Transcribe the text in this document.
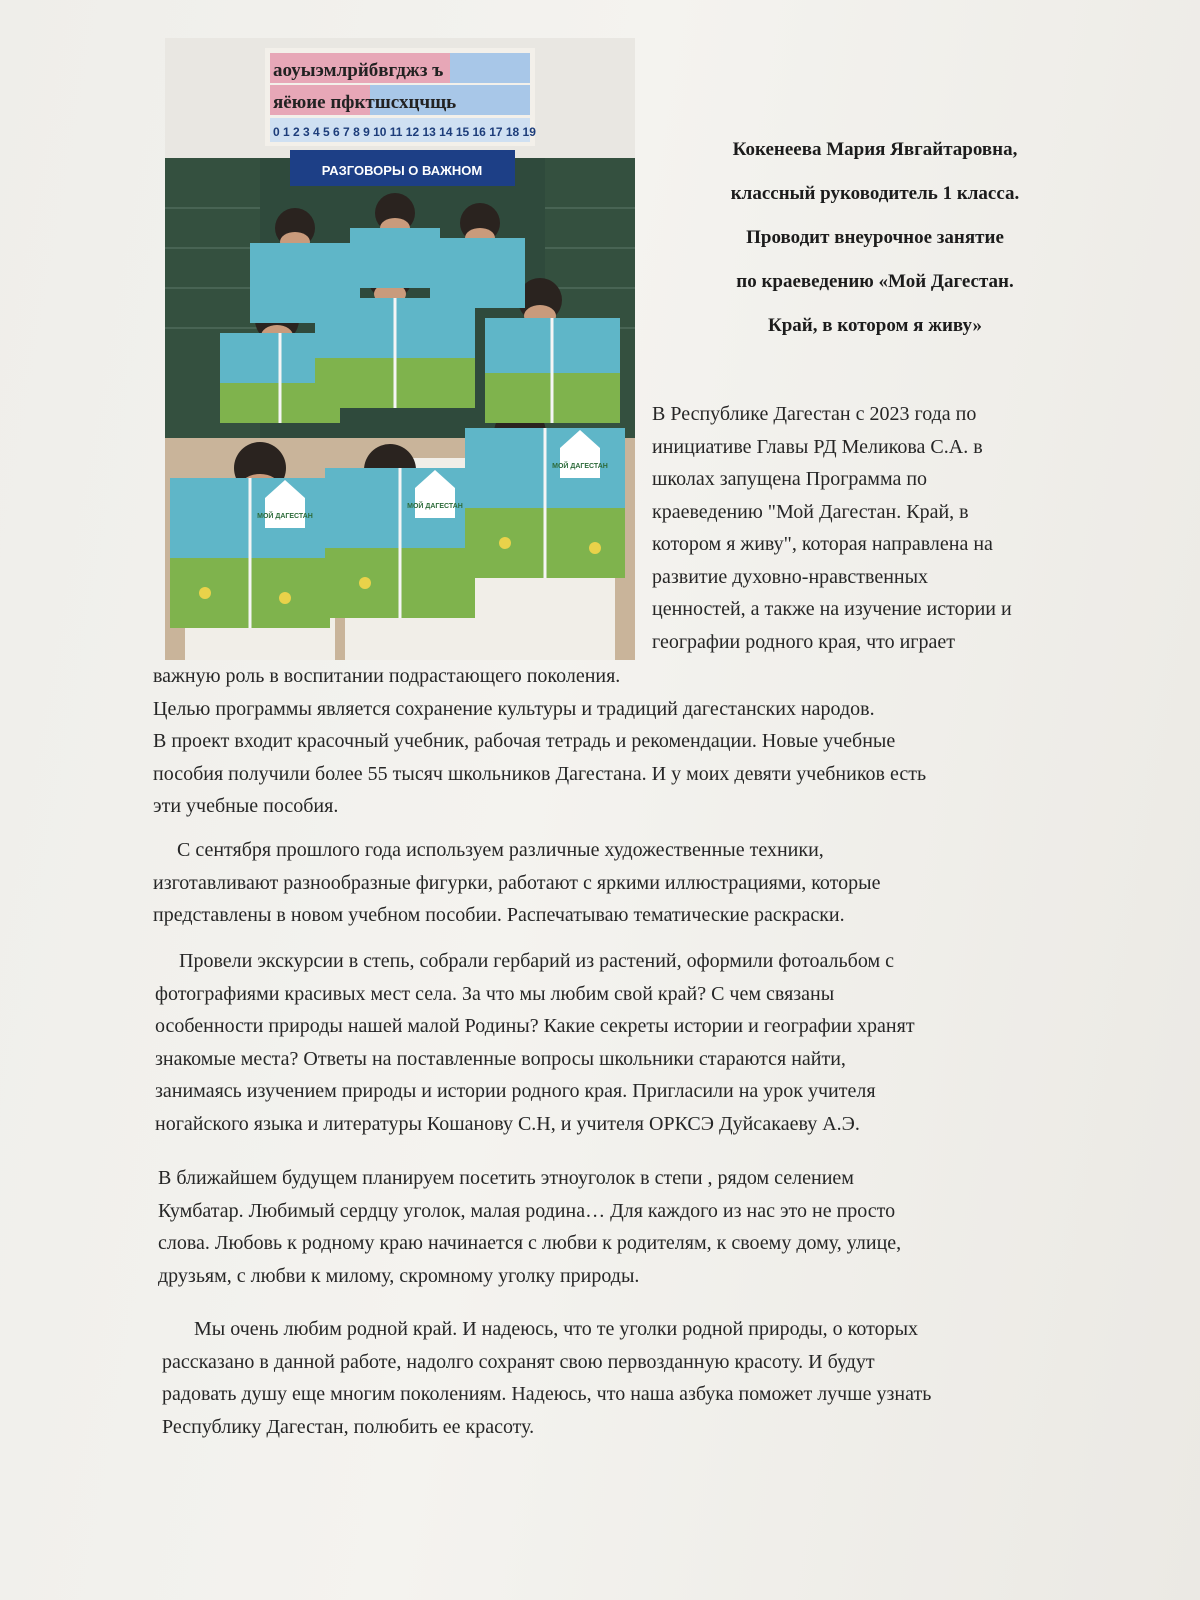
аоуыэмлрйбвгджз ъ
яёюие пфктшсхцчщь
0 1 2 3 4 5 6 7 8 9 10 11 12 13 14 15 16 17 18 19
РАЗГОВОРЫ О ВАЖНОМ
МОЙ ДАГЕСТАН
МОЙ ДАГЕСТАН
МОЙ ДАГЕСТАН
Кокенеева Мария Явгайтаровна,
классный руководитель 1 класса.
Проводит внеурочное занятие
по краеведению «Мой Дагестан.
Край, в котором я живу»

В Республике Дагестан с 2023 года по
инициативе Главы РД Меликова С.А. в
школах запущена Программа по
краеведению "Мой Дагестан. Край, в
котором я живу", которая направлена на
развитие духовно-нравственных
ценностей, а также на изучение истории и
географии родного края, что играет

важную роль в воспитании подрастающего поколения.
Целью программы является сохранение культуры и традиций дагестанских народов.
В проект входит красочный учебник, рабочая тетрадь и рекомендации. Новые учебные
пособия получили более 55 тысяч школьников Дагестана. И у моих девяти учебников есть
эти учебные пособия.

С сентября прошлого года используем различные художественные техники,
изготавливают разнообразные фигурки, работают с яркими иллюстрациями, которые
представлены в новом учебном пособии. Распечатываю тематические раскраски.

Провели экскурсии в степь, собрали гербарий из растений, оформили фотоальбом с
фотографиями красивых мест села. За что мы любим свой край? С чем связаны
особенности природы нашей малой Родины? Какие секреты истории и географии хранят
знакомые места? Ответы на поставленные вопросы школьники стараются найти,
занимаясь изучением природы и истории родного края. Пригласили на урок учителя
ногайского языка и литературы Кошанову С.Н, и учителя ОРКСЭ Дуйсакаеву А.Э.

В ближайшем будущем планируем посетить этноуголок в степи , рядом селением
Кумбатар. Любимый сердцу уголок, малая родина… Для каждого из нас это не просто
слова. Любовь к родному краю начинается с любви к родителям, к своему дому, улице,
друзьям, с любви к милому, скромному уголку природы.

Мы очень любим родной край. И надеюсь, что те уголки родной природы, о которых
рассказано в данной работе, надолго сохранят свою первозданную красоту. И будут
радовать душу еще многим поколениям. Надеюсь, что наша азбука поможет лучше узнать
Республику Дагестан, полюбить ее красоту.
